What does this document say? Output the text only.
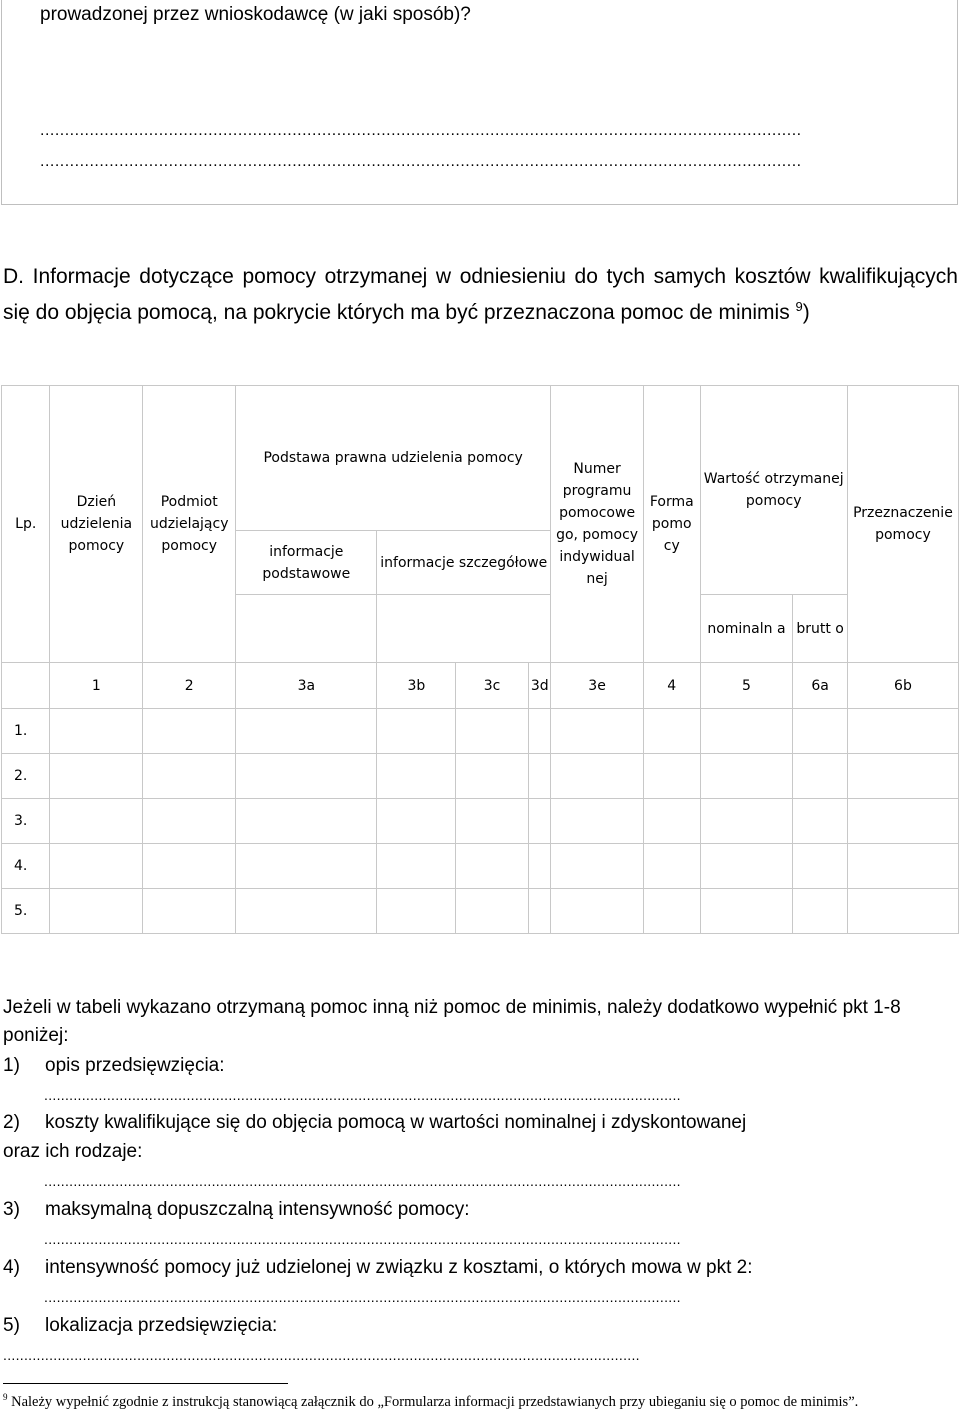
prowadzonej przez wnioskodawcę (w jaki sposób)?
..........................................................................................................................................................
..........................................................................................................................................................
D. Informacje dotyczące pomocy otrzymanej w odniesieniu do tych samych kosztów kwalifikujących się do objęcia pomocą, na pokrycie których ma być przeznaczona pomoc de minimis $^9$)
Lp.	Dzień udzielenia pomocy	Podmiot udzielający pomocy	Podstawa prawna udzielenia pomocy				Numer programu pomocowe go, pomocy indywidual nej	Forma pomo cy	Wartość otrzymanej pomocy		Przeznaczenie pomocy
			informacje podstawowe	informacje szczegółowe							
									nominaln a	brutt o	
	1	2	3a	3b	3c	3d	3e	4	5	6a	6b
1.											
2.											
3.											
4.											
5.											
Jeżeli w tabeli wykazano otrzymaną pomoc inną niż pomoc de minimis, należy dodatkowo wypełnić pkt 1-8 poniżej:
1) opis przedsięwzięcia:
........................................................................................................................................................
2) koszty kwalifikujące się do objęcia pomocą w wartości nominalnej i zdyskontowanej
oraz ich rodzaje:
........................................................................................................................................................
3) maksymalną dopuszczalną intensywność pomocy:
........................................................................................................................................................
4) intensywność pomocy już udzielonej w związku z kosztami, o których mowa w pkt 2:
........................................................................................................................................................
5) lokalizacja przedsięwzięcia:
........................................................................................................................................................
$^9$ Należy wypełnić zgodnie z instrukcją stanowiącą załącznik do „Formularza informacji przedstawianych przy ubieganiu się o pomoc de minimis”.
